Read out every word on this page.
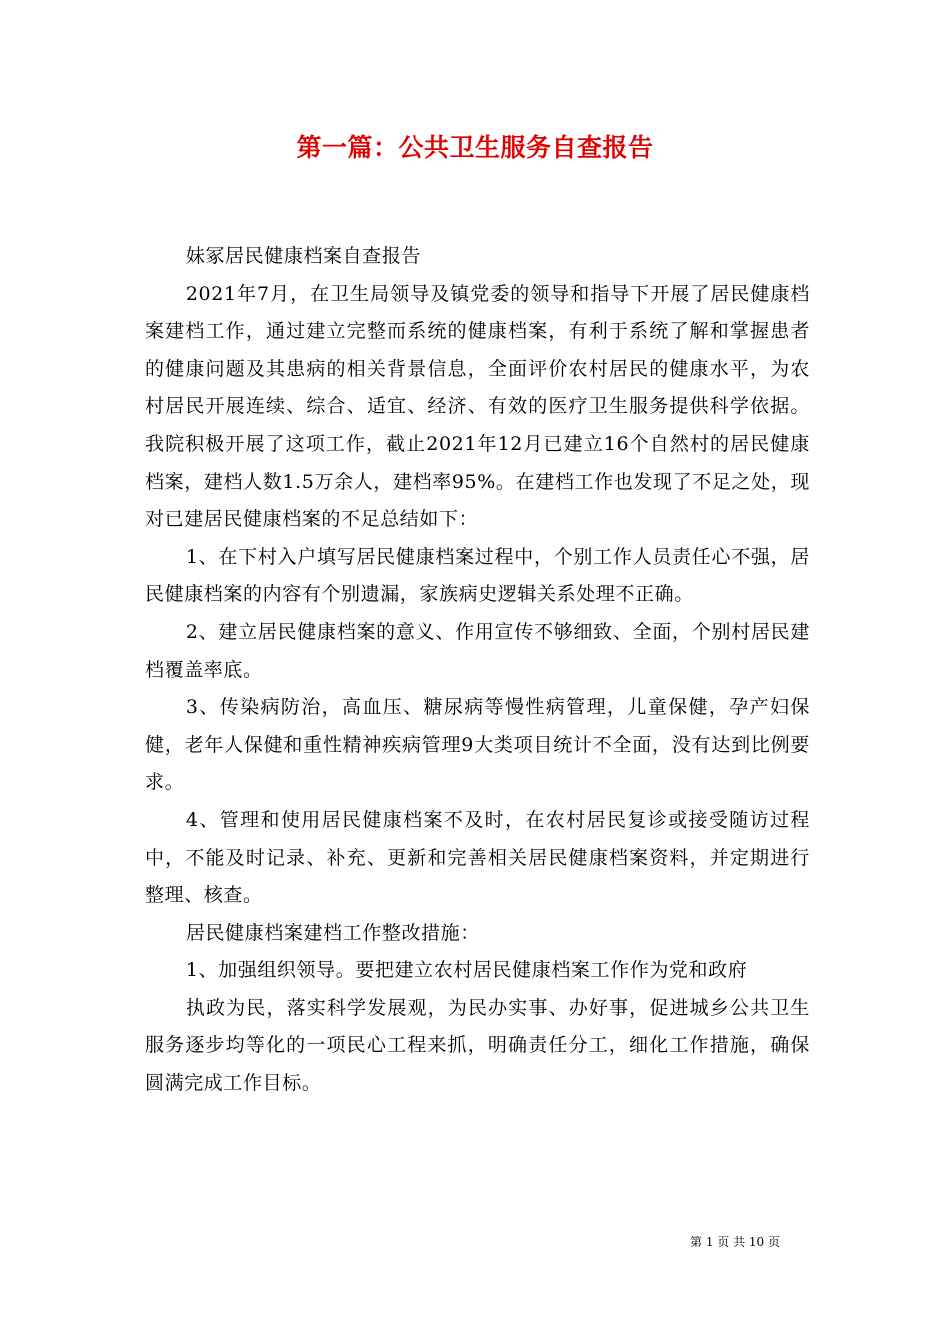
第一篇：公共卫生服务自查报告

妹冢居民健康档案自查报告

2021年7月，在卫生局领导及镇党委的领导和指导下开展了居民健康档案建档工作，通过建立完整而系统的健康档案，有利于系统了解和掌握患者的健康问题及其患病的相关背景信息，全面评价农村居民的健康水平，为农村居民开展连续、综合、适宜、经济、有效的医疗卫生服务提供科学依据。我院积极开展了这项工作，截止2021年12月已建立16个自然村的居民健康档案，建档人数1.5万余人，建档率95%。在建档工作也发现了不足之处，现对已建居民健康档案的不足总结如下：

1、在下村入户填写居民健康档案过程中，个别工作人员责任心不强，居民健康档案的内容有个别遗漏，家族病史逻辑关系处理不正确。

2、建立居民健康档案的意义、作用宣传不够细致、全面，个别村居民建档覆盖率底。

3、传染病防治，高血压、糖尿病等慢性病管理，儿童保健，孕产妇保健，老年人保健和重性精神疾病管理9大类项目统计不全面，没有达到比例要求。

4、管理和使用居民健康档案不及时，在农村居民复诊或接受随访过程中，不能及时记录、补充、更新和完善相关居民健康档案资料，并定期进行整理、核查。

居民健康档案建档工作整改措施：

1、加强组织领导。要把建立农村居民健康档案工作作为党和政府

执政为民，落实科学发展观，为民办实事、办好事，促进城乡公共卫生服务逐步均等化的一项民心工程来抓，明确责任分工，细化工作措施，确保圆满完成工作目标。

第 1 页 共 10 页
